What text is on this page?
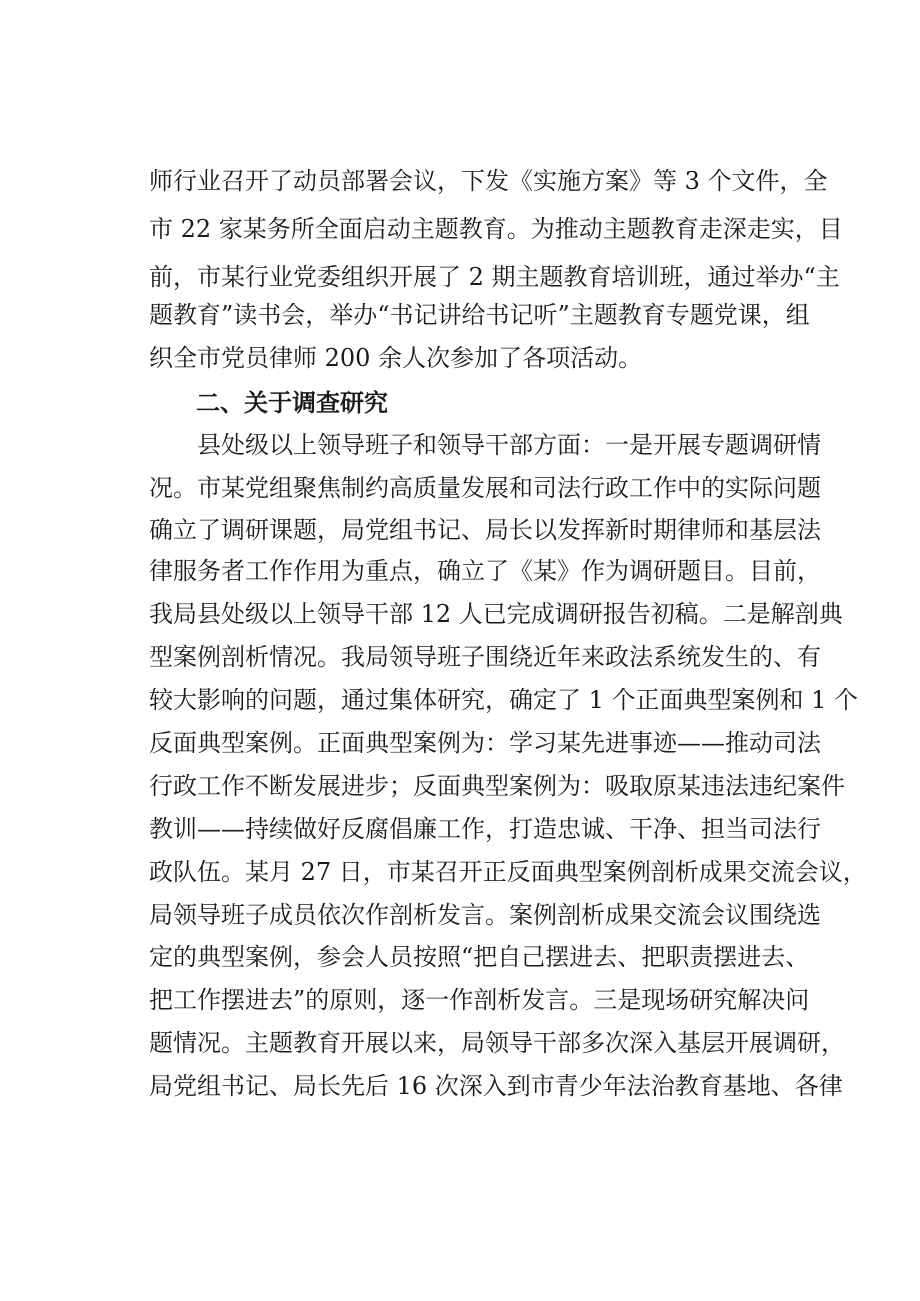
师行业召开了动员部署会议，下发《实施方案》等 3 个文件，全
市 22 家某务所全面启动主题教育。为推动主题教育走深走实，目
前，市某行业党委组织开展了 2 期主题教育培训班，通过举办“主
题教育”读书会，举办“书记讲给书记听”主题教育专题党课，组
织全市党员律师 200 余人次参加了各项活动。
二、关于调查研究
　　县处级以上领导班子和领导干部方面：一是开展专题调研情
况。市某党组聚焦制约高质量发展和司法行政工作中的实际问题
确立了调研课题，局党组书记、局长以发挥新时期律师和基层法
律服务者工作作用为重点，确立了《某》作为调研题目。目前，
我局县处级以上领导干部 12 人已完成调研报告初稿。二是解剖典
型案例剖析情况。我局领导班子围绕近年来政法系统发生的、有
较大影响的问题，通过集体研究，确定了 1 个正面典型案例和 1 个
反面典型案例。正面典型案例为：学习某先进事迹——推动司法
行政工作不断发展进步；反面典型案例为：吸取原某违法违纪案件
教训——持续做好反腐倡廉工作，打造忠诚、干净、担当司法行
政队伍。某月 27 日，市某召开正反面典型案例剖析成果交流会议，
局领导班子成员依次作剖析发言。案例剖析成果交流会议围绕选
定的典型案例，参会人员按照“把自己摆进去、把职责摆进去、
把工作摆进去”的原则，逐一作剖析发言。三是现场研究解决问
题情况。主题教育开展以来，局领导干部多次深入基层开展调研，
局党组书记、局长先后 16 次深入到市青少年法治教育基地、各律
